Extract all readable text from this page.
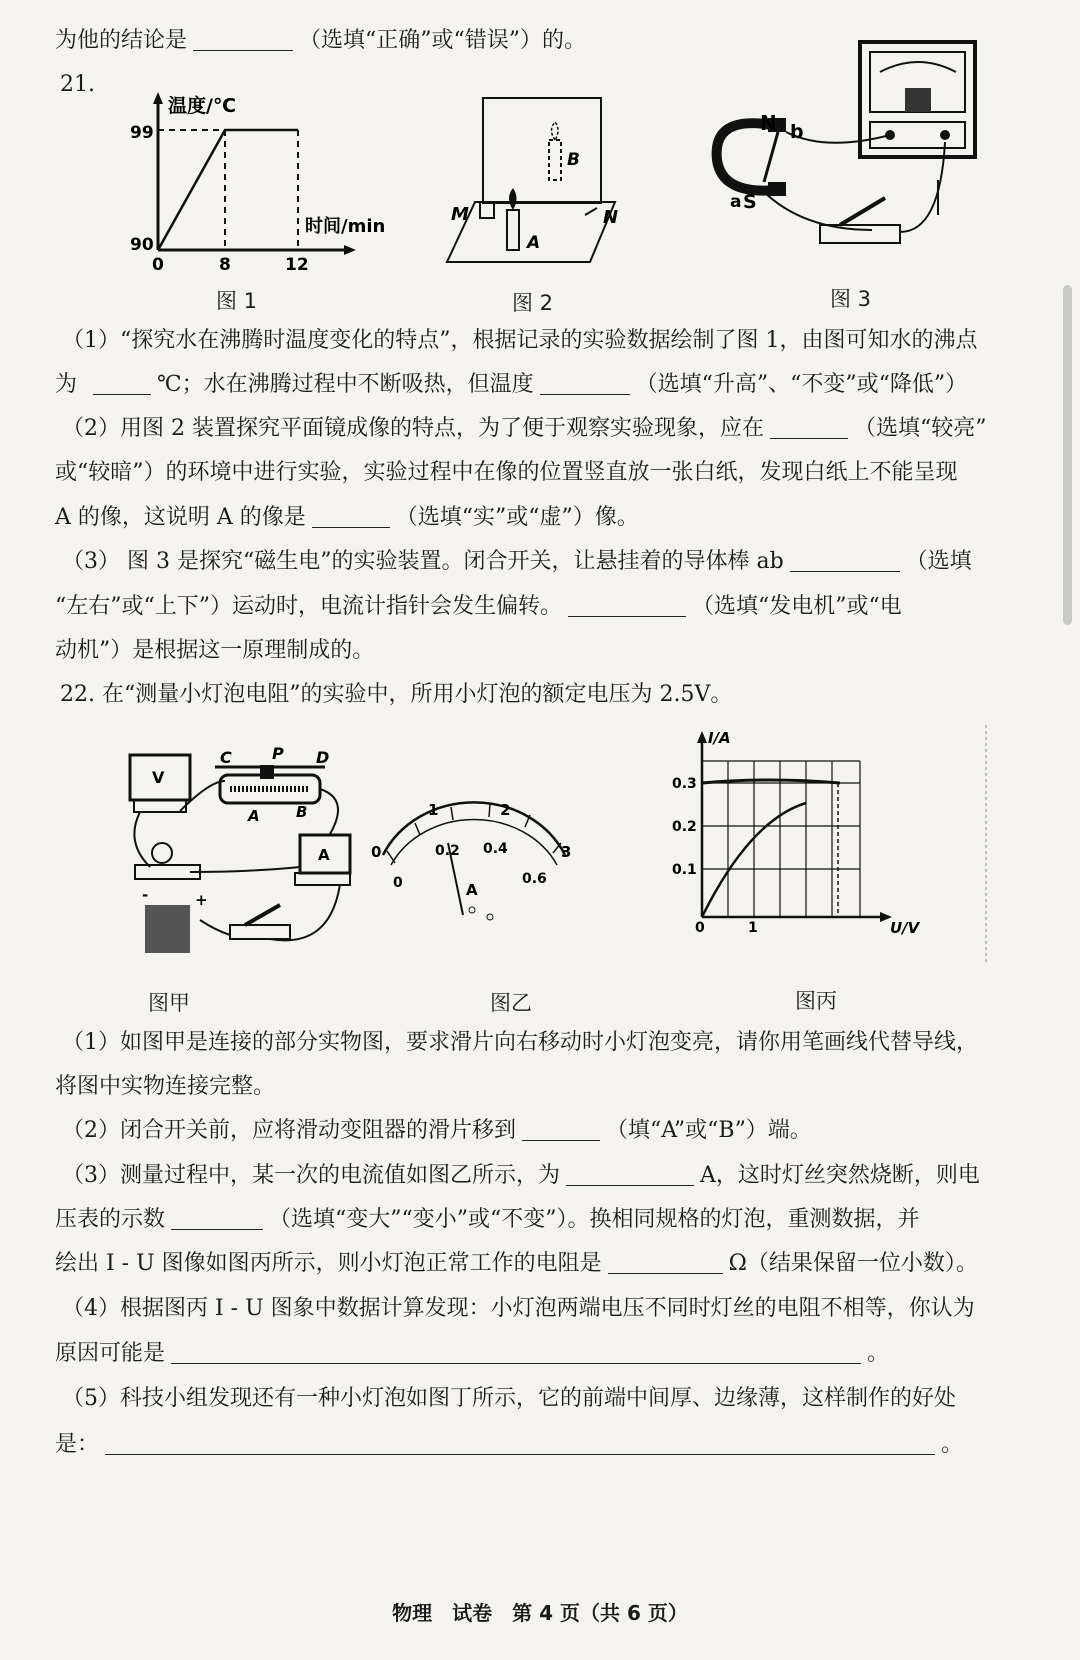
为他的结论是	（选填“正确”或“错误”）的。
21.
温度/℃
时间/min
99
90
0	8	12
图 1
M	N
A
B
图 2
N b
a S
图 3
（1）“探究水在沸腾时温度变化的特点”，根据记录的实验数据绘制了图 1，由图可知水的沸点
为	℃；水在沸腾过程中不断吸热，但温度	（选填“升高”、“不变”或“降低”）
（2）用图 2 装置探究平面镜成像的特点，为了便于观察实验现象，应在	（选填“较亮”
或“较暗”）的环境中进行实验，实验过程中在像的位置竖直放一张白纸，发现白纸上不能呈现
A 的像，这说明 A 的像是	（选填“实”或“虚”）像。
（3） 图 3 是探究“磁生电”的实验装置。闭合开关，让悬挂着的导体棒 ab	（选填
“左右”或“上下”）运动时，电流计指针会发生偏转。	（选填“发电机”或“电
动机”）是根据这一原理制成的。
22. 在“测量小灯泡电阻”的实验中，所用小灯泡的额定电压为 2.5V。
V
C	P D
A B
A
-	+
图甲
0
1	2
3
0
0.2 0.4
0.6
A
图乙
I/A
U/V
0.3
0.2
0.1
0	1
图丙
（1）如图甲是连接的部分实物图，要求滑片向右移动时小灯泡变亮，请你用笔画线代替导线，
将图中实物连接完整。
（2）闭合开关前，应将滑动变阻器的滑片移到	（填“A”或“B”）端。
（3）测量过程中，某一次的电流值如图乙所示，为	A，这时灯丝突然烧断，则电
压表的示数	（选填“变大”“变小”或“不变”）。换相同规格的灯泡，重测数据，并
绘出 I - U 图像如图丙所示，则小灯泡正常工作的电阻是	Ω（结果保留一位小数）。
（4）根据图丙 I - U 图象中数据计算发现：小灯泡两端电压不同时灯丝的电阻不相等，你认为
原因可能是	。
（5）科技小组发现还有一种小灯泡如图丁所示，它的前端中间厚、边缘薄，这样制作的好处
是：	。
物理　试卷　第 4 页（共 6 页）
